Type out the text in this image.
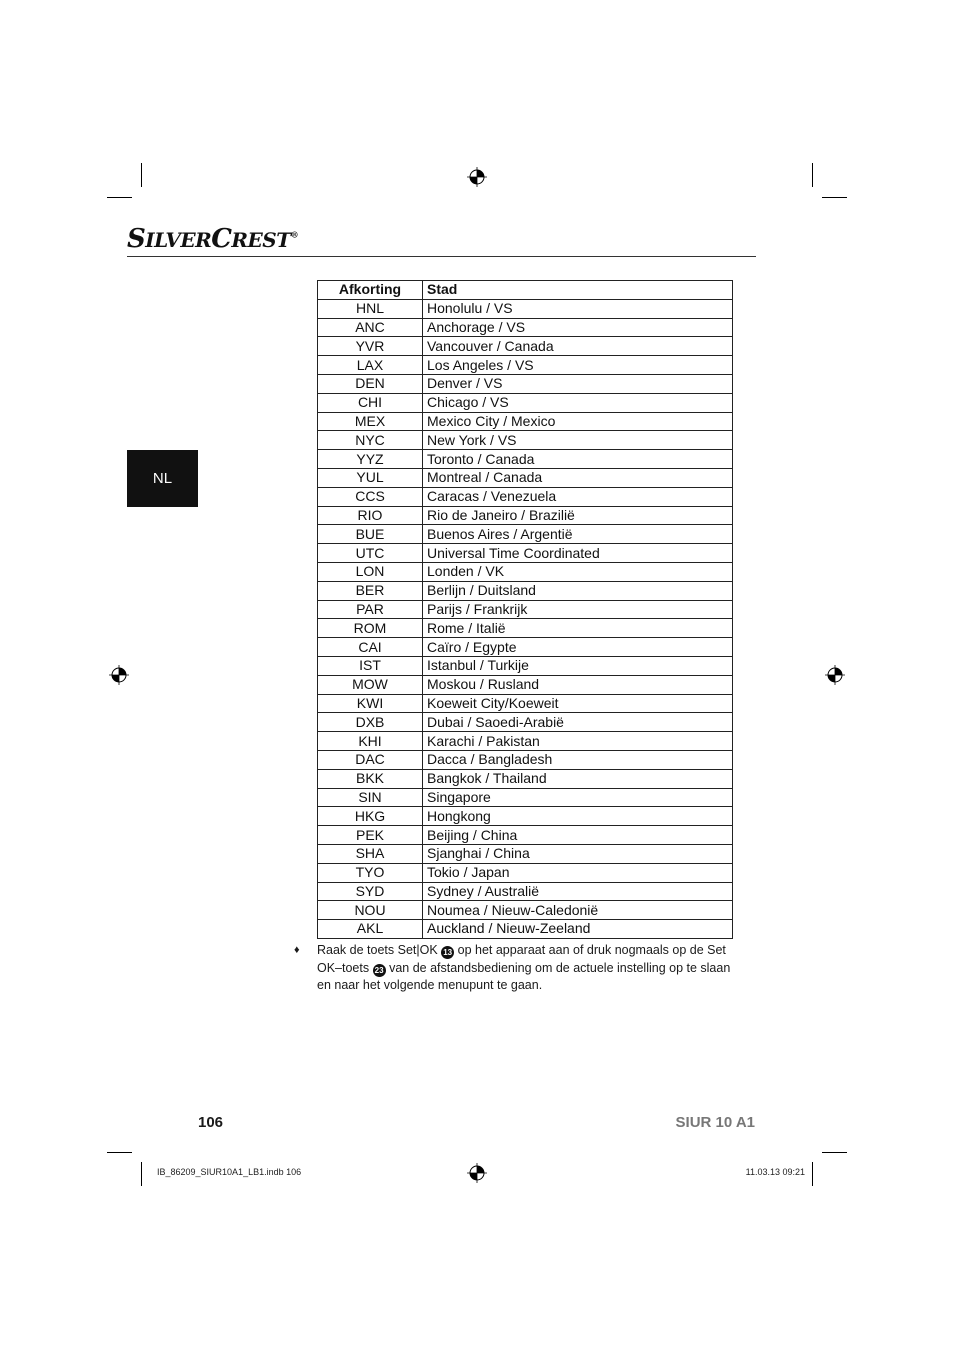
SILVERCREST®
NL
Afkorting	Stad
HNL	Honolulu / VS
ANC	Anchorage / VS
YVR	Vancouver / Canada
LAX	Los Angeles / VS
DEN	Denver / VS
CHI	Chicago / VS
MEX	Mexico City / Mexico
NYC	New York / VS
YYZ	Toronto / Canada
YUL	Montreal / Canada
CCS	Caracas / Venezuela
RIO	Rio de Janeiro / Brazilië
BUE	Buenos Aires / Argentië
UTC	Universal Time Coordinated
LON	Londen / VK
BER	Berlijn / Duitsland
PAR	Parijs / Frankrijk
ROM	Rome / Italië
CAI	Caïro / Egypte
IST	Istanbul / Turkije
MOW	Moskou / Rusland
KWI	Koeweit City/Koeweit
DXB	Dubai / Saoedi-Arabië
KHI	Karachi / Pakistan
DAC	Dacca / Bangladesh
BKK	Bangkok / Thailand
SIN	Singapore
HKG	Hongkong
PEK	Beijing / China
SHA	Sjanghai / China
TYO	Tokio / Japan
SYD	Sydney / Australië
NOU	Noumea / Nieuw-Caledonië
AKL	Auckland / Nieuw-Zeeland
♦ Raak de toets Set|OK 13 op het apparaat aan of druk nogmaals op de Set OK–toets 23 van de afstandsbediening om de actuele instelling op te slaan en naar het volgende menupunt te gaan.
106	SIUR 10 A1
IB_86209_SIUR10A1_LB1.indb 106	11.03.13 09:21
